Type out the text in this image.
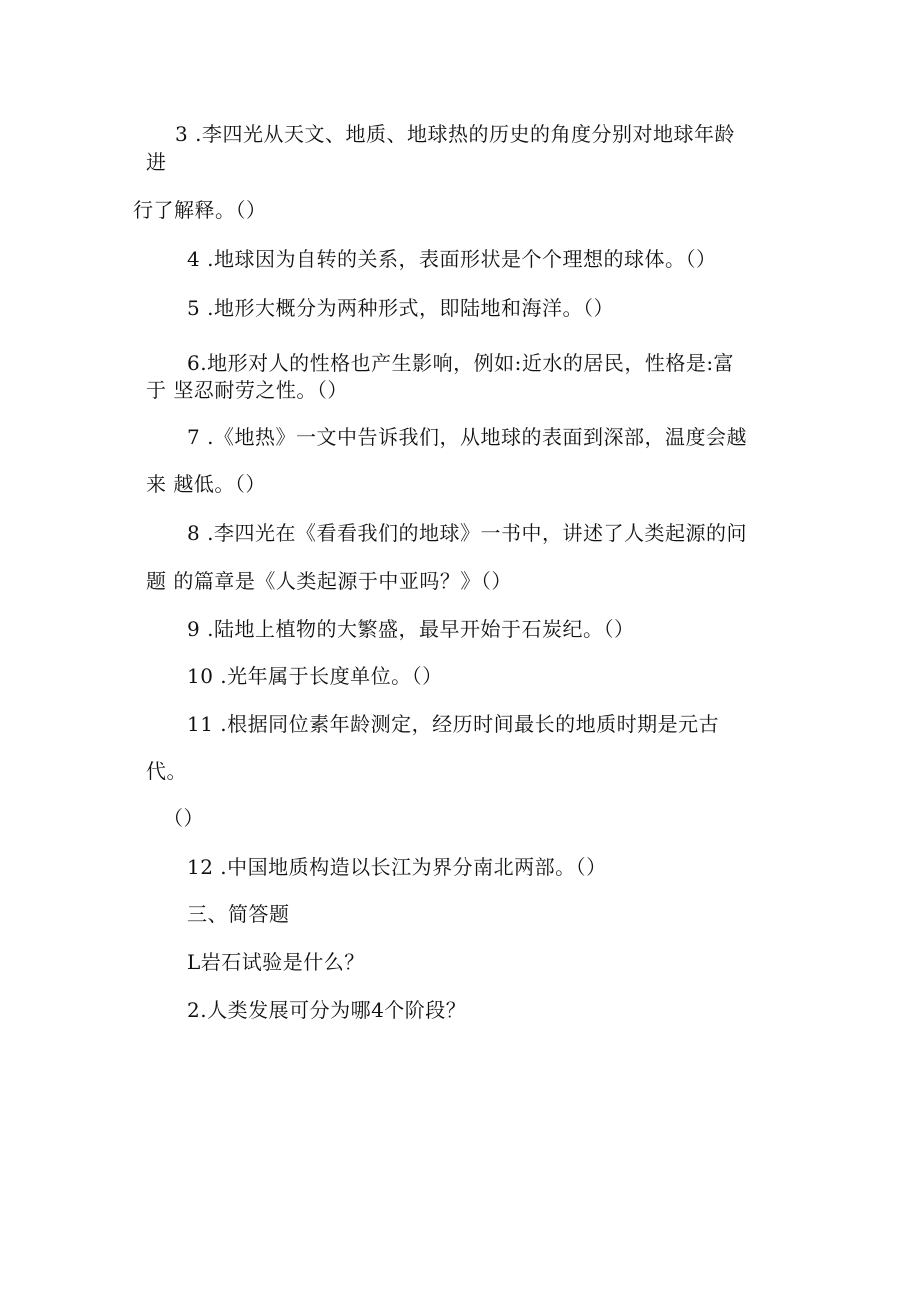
3 .李四光从天文、地质、地球热的历史的角度分别对地球年龄
进
行了解释。（）
4 .地球因为自转的关系，表面形状是个个理想的球体。（）
5 .地形大概分为两种形式，即陆地和海洋。（）
6.地形对人的性格也产生影响，例如:近水的居民，性格是:富
于 坚忍耐劳之性。（）
7 .《地热》一文中告诉我们，从地球的表面到深部，温度会越
来 越低。（）
8 .李四光在《看看我们的地球》一书中，讲述了人类起源的问
题 的篇章是《人类起源于中亚吗？》（）
9 .陆地上植物的大繁盛，最早开始于石炭纪。（）
10 .光年属于长度单位。（）
11 .根据同位素年龄测定，经历时间最长的地质时期是元古
代。
（）
12 .中国地质构造以长江为界分南北两部。（）
三、简答题
L岩石试验是什么？
2.人类发展可分为哪4个阶段？
